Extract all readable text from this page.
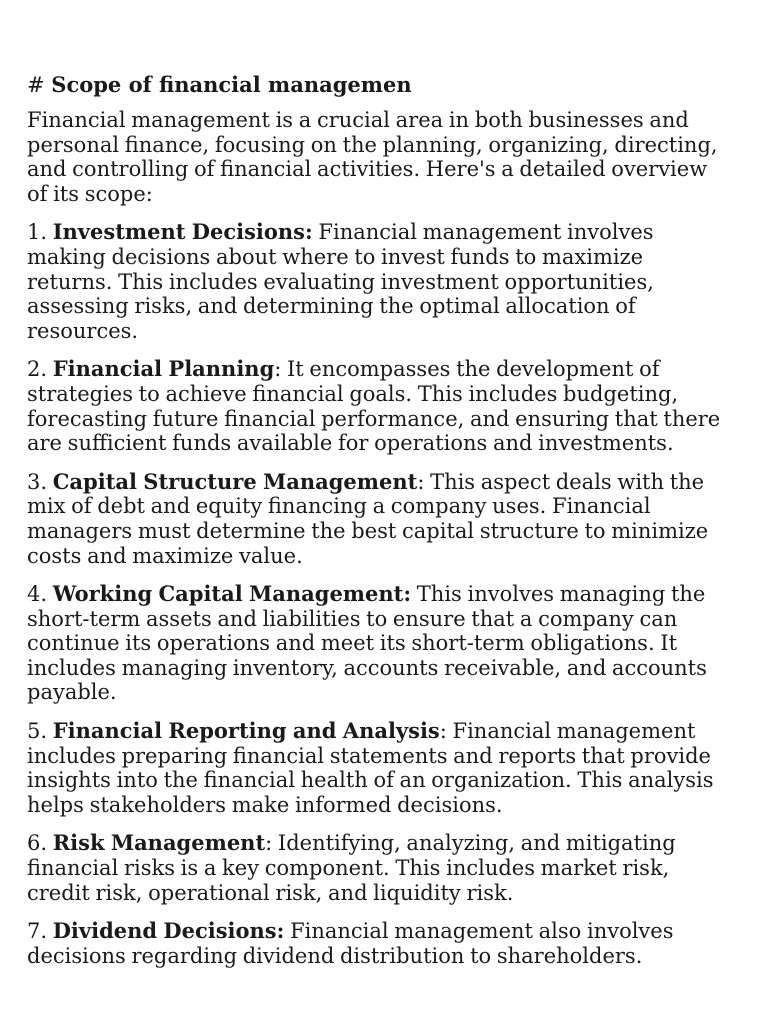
# Scope of financial managemen

Financial management is a crucial area in both businesses and personal finance, focusing on the planning, organizing, directing, and controlling of financial activities. Here's a detailed overview of its scope:

1. Investment Decisions: Financial management involves making decisions about where to invest funds to maximize returns. This includes evaluating investment opportunities, assessing risks, and determining the optimal allocation of resources.

2. Financial Planning: It encompasses the development of strategies to achieve financial goals. This includes budgeting, forecasting future financial performance, and ensuring that there are sufficient funds available for operations and investments.

3. Capital Structure Management: This aspect deals with the mix of debt and equity financing a company uses. Financial managers must determine the best capital structure to minimize costs and maximize value.

4. Working Capital Management: This involves managing the short-term assets and liabilities to ensure that a company can continue its operations and meet its short-term obligations. It includes managing inventory, accounts receivable, and accounts payable.

5. Financial Reporting and Analysis: Financial management includes preparing financial statements and reports that provide insights into the financial health of an organization. This analysis helps stakeholders make informed decisions.

6. Risk Management: Identifying, analyzing, and mitigating financial risks is a key component. This includes market risk, credit risk, operational risk, and liquidity risk.

7. Dividend Decisions: Financial management also involves decisions regarding dividend distribution to shareholders.
